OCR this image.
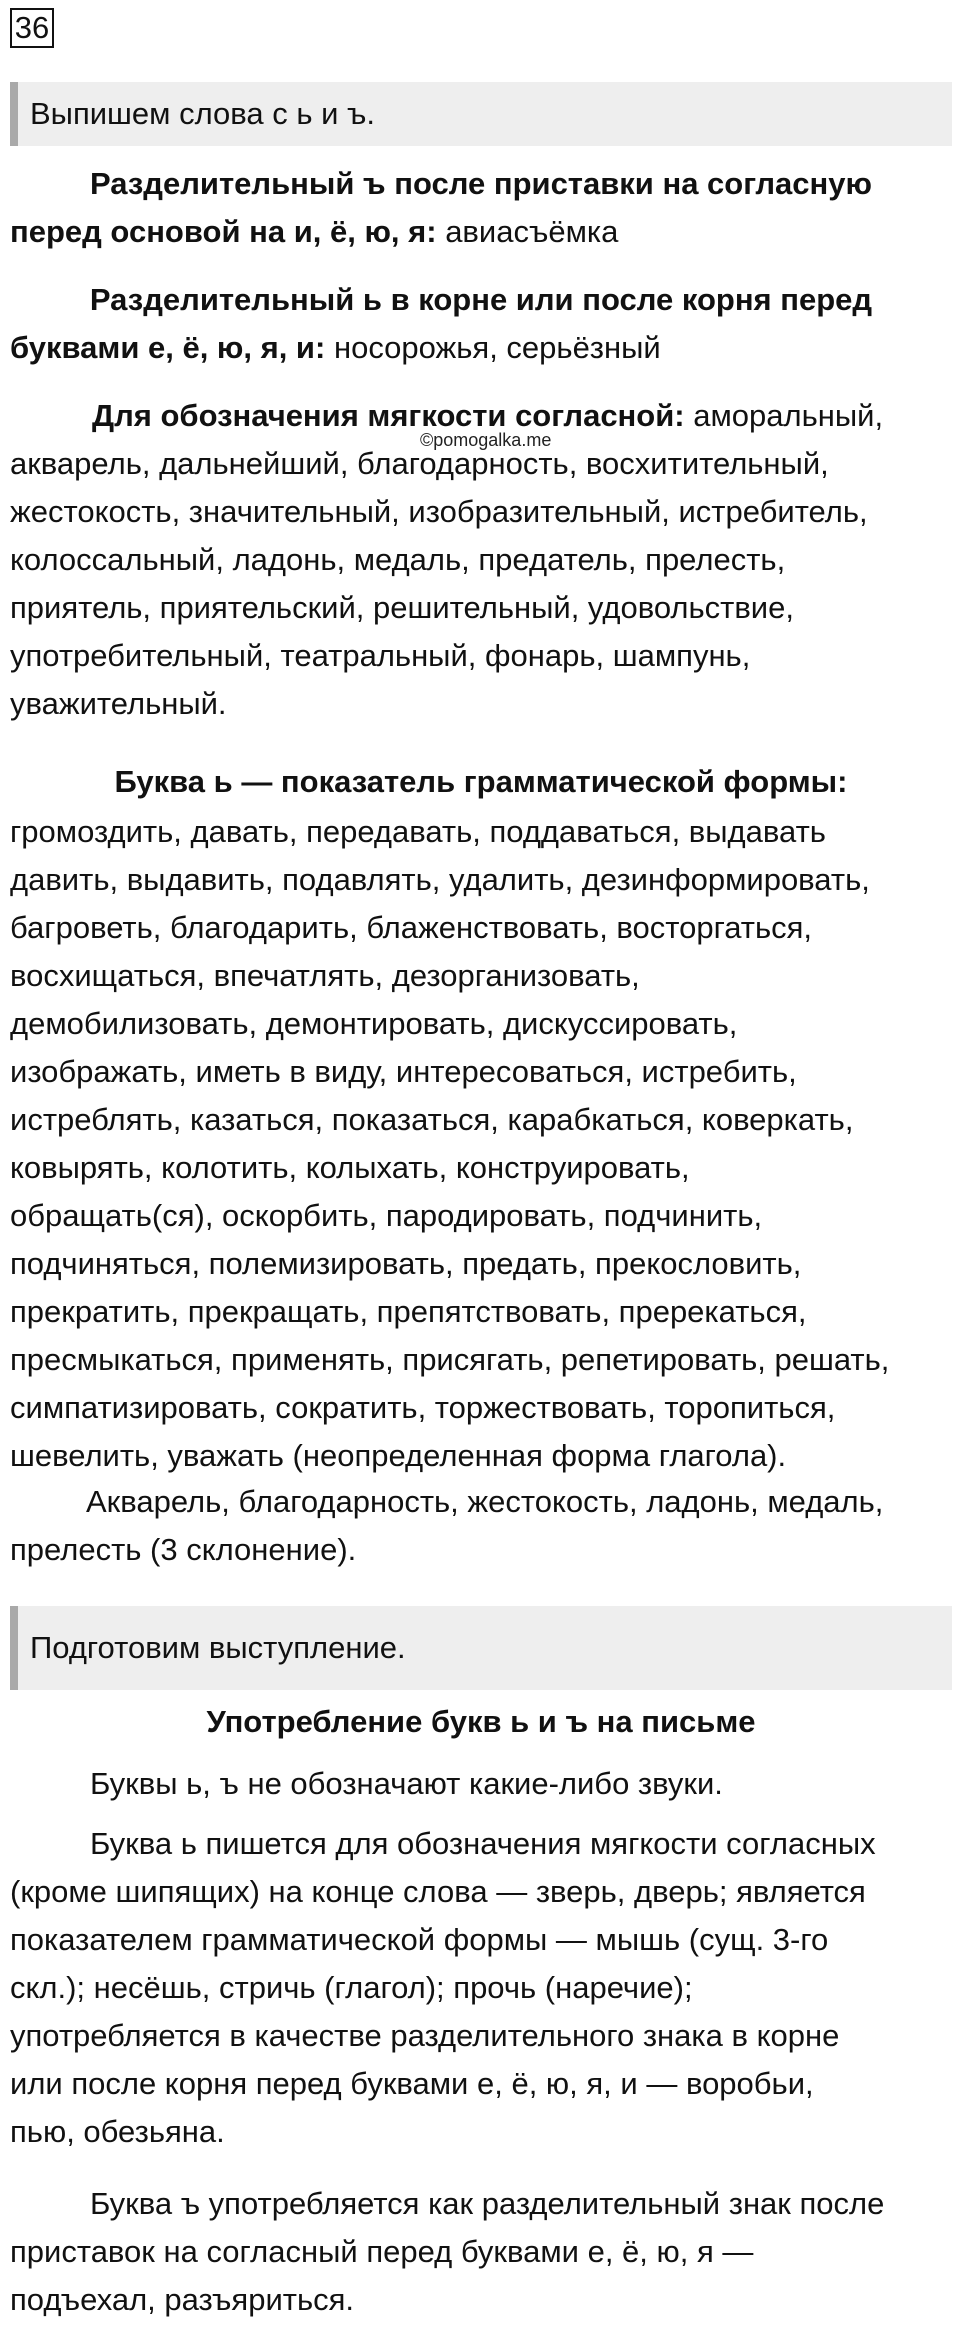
36
Выпишем слова с ь и ъ.
Разделительный ъ после приставки на согласную
перед основой на и, ё, ю, я: авиасъёмка
Разделительный ь в корне или после корня перед
буквами е, ё, ю, я, и: носорожья, серьёзный
Для обозначения мягкости согласной: аморальный,
©pomogalka.me
акварель, дальнейший, благодарность, восхитительный,
жестокость, значительный, изобразительный, истребитель,
колоссальный, ладонь, медаль, предатель, прелесть,
приятель, приятельский, решительный, удовольствие,
употребительный, театральный, фонарь, шампунь,
уважительный.
Буква ь — показатель грамматической формы:
громоздить, давать, передавать, поддаваться, выдавать
давить, выдавить, подавлять, удалить, дезинформировать,
багроветь, благодарить, блаженствовать, восторгаться,
восхищаться, впечатлять, дезорганизовать,
демобилизовать, демонтировать, дискуссировать,
изображать, иметь в виду, интересоваться, истребить,
истреблять, казаться, показаться, карабкаться, коверкать,
ковырять, колотить, колыхать, конструировать,
обращать(ся), оскорбить, пародировать, подчинить,
подчиняться, полемизировать, предать, прекословить,
прекратить, прекращать, препятствовать, пререкаться,
пресмыкаться, применять, присягать, репетировать, решать,
симпатизировать, сократить, торжествовать, торопиться,
шевелить, уважать (неопределенная форма глагола).
Акварель, благодарность, жестокость, ладонь, медаль,
прелесть (3 склонение).
Подготовим выступление.
Употребление букв ь и ъ на письме
Буквы ь, ъ не обозначают какие-либо звуки.
Буква ь пишется для обозначения мягкости согласных
(кроме шипящих) на конце слова — зверь, дверь; является
показателем грамматической формы — мышь (сущ. 3-го
скл.); несёшь, стричь (глагол); прочь (наречие);
употребляется в качестве разделительного знака в корне
или после корня перед буквами е, ё, ю, я, и — воробьи,
пью, обезьяна.
Буква ъ употребляется как разделительный знак после
приставок на согласный перед буквами е, ё, ю, я —
подъехал, разъяриться.
